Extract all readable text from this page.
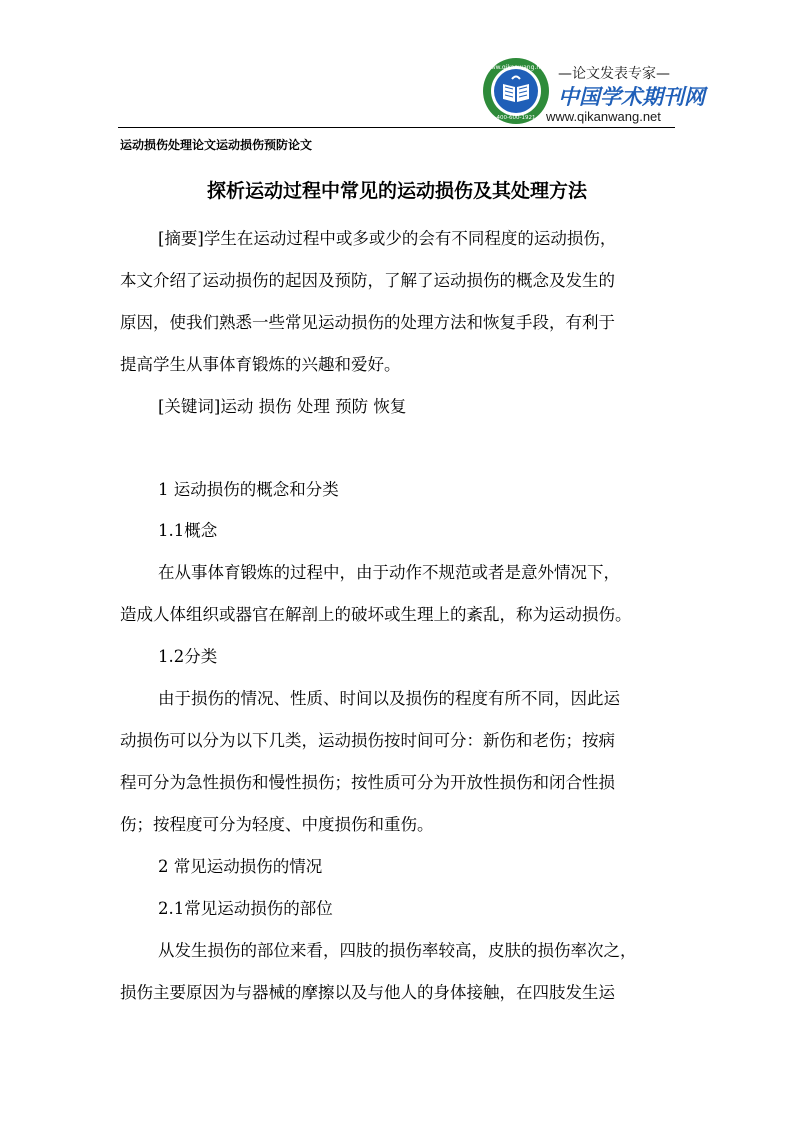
www.qikanwang.net
400-600-1921
—论文发表专家—
中国学术期刊网
www.qikanwang.net
运动损伤处理论文运动损伤预防论文
探析运动过程中常见的运动损伤及其处理方法
[摘要]学生在运动过程中或多或少的会有不同程度的运动损伤，
本文介绍了运动损伤的起因及预防，了解了运动损伤的概念及发生的
原因，使我们熟悉一些常见运动损伤的处理方法和恢复手段，有利于
提高学生从事体育锻炼的兴趣和爱好。
[关键词]运动 损伤 处理 预防 恢复
1 运动损伤的概念和分类
1.1概念
在从事体育锻炼的过程中，由于动作不规范或者是意外情况下，
造成人体组织或器官在解剖上的破坏或生理上的紊乱，称为运动损伤。
1.2分类
由于损伤的情况、性质、时间以及损伤的程度有所不同，因此运
动损伤可以分为以下几类，运动损伤按时间可分：新伤和老伤；按病
程可分为急性损伤和慢性损伤；按性质可分为开放性损伤和闭合性损
伤；按程度可分为轻度、中度损伤和重伤。
2 常见运动损伤的情况
2.1常见运动损伤的部位
从发生损伤的部位来看，四肢的损伤率较高，皮肤的损伤率次之，
损伤主要原因为与器械的摩擦以及与他人的身体接触，在四肢发生运
